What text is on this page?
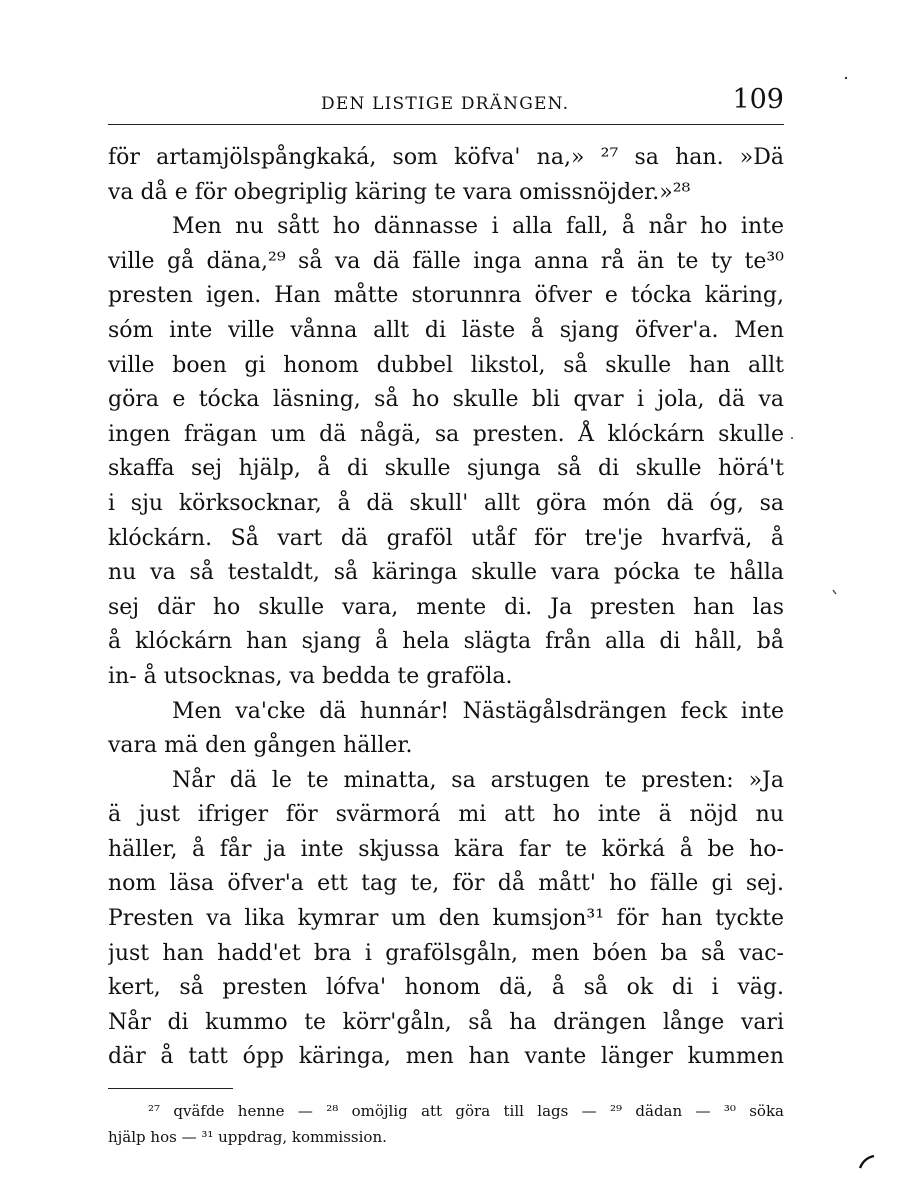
DEN LISTIGE DRÄNGEN.	109
för artamjölspångkaká, som köfva' na,» ²⁷ sa han. »Dä
va då e för obegriplig käring te vara omissnöjder.»²⁸
Men nu sått ho dännasse i alla fall, å når ho inte
ville gå däna,²⁹ så va dä fälle inga anna rå än te ty te³⁰
presten igen. Han måtte storunnra öfver e tócka käring,
sóm inte ville vånna allt di läste å sjang öfver'a. Men
ville boen gi honom dubbel likstol, så skulle han allt
göra e tócka läsning, så ho skulle bli qvar i jola, dä va
ingen frägan um dä någä, sa presten. Å klóckárn skulle
skaffa sej hjälp, å di skulle sjunga så di skulle hörá't
i sju körksocknar, å dä skull' allt göra món dä óg, sa
klóckárn. Så vart dä graföl utåf för tre'je hvarfvä, å
nu va så testaldt, så käringa skulle vara pócka te hålla
sej där ho skulle vara, mente di. Ja presten han las
å klóckárn han sjang å hela slägta från alla di håll, bå
in- å utsocknas, va bedda te graföla.
Men va'cke dä hunnár! Nästägålsdrängen feck inte
vara mä den gången häller.
Når dä le te minatta, sa arstugen te presten: »Ja
ä just ifriger för svärmorá mi att ho inte ä nöjd nu
häller, å får ja inte skjussa kära far te körká å be ho-
nom läsa öfver'a ett tag te, för då mått' ho fälle gi sej.
Presten va lika kymrar um den kumsjon³¹ för han tyckte
just han hadd'et bra i grafölsgåln, men bóen ba så vac-
kert, så presten lófva' honom dä, å så ok di i väg.
Når di kummo te körr'gåln, så ha drängen långe vari
där å tatt ópp käringa, men han vante länger kummen
²⁷ qväfde henne — ²⁸ omöjlig att göra till lags — ²⁹ dädan — ³⁰ söka
hjälp hos — ³¹ uppdrag, kommission.
